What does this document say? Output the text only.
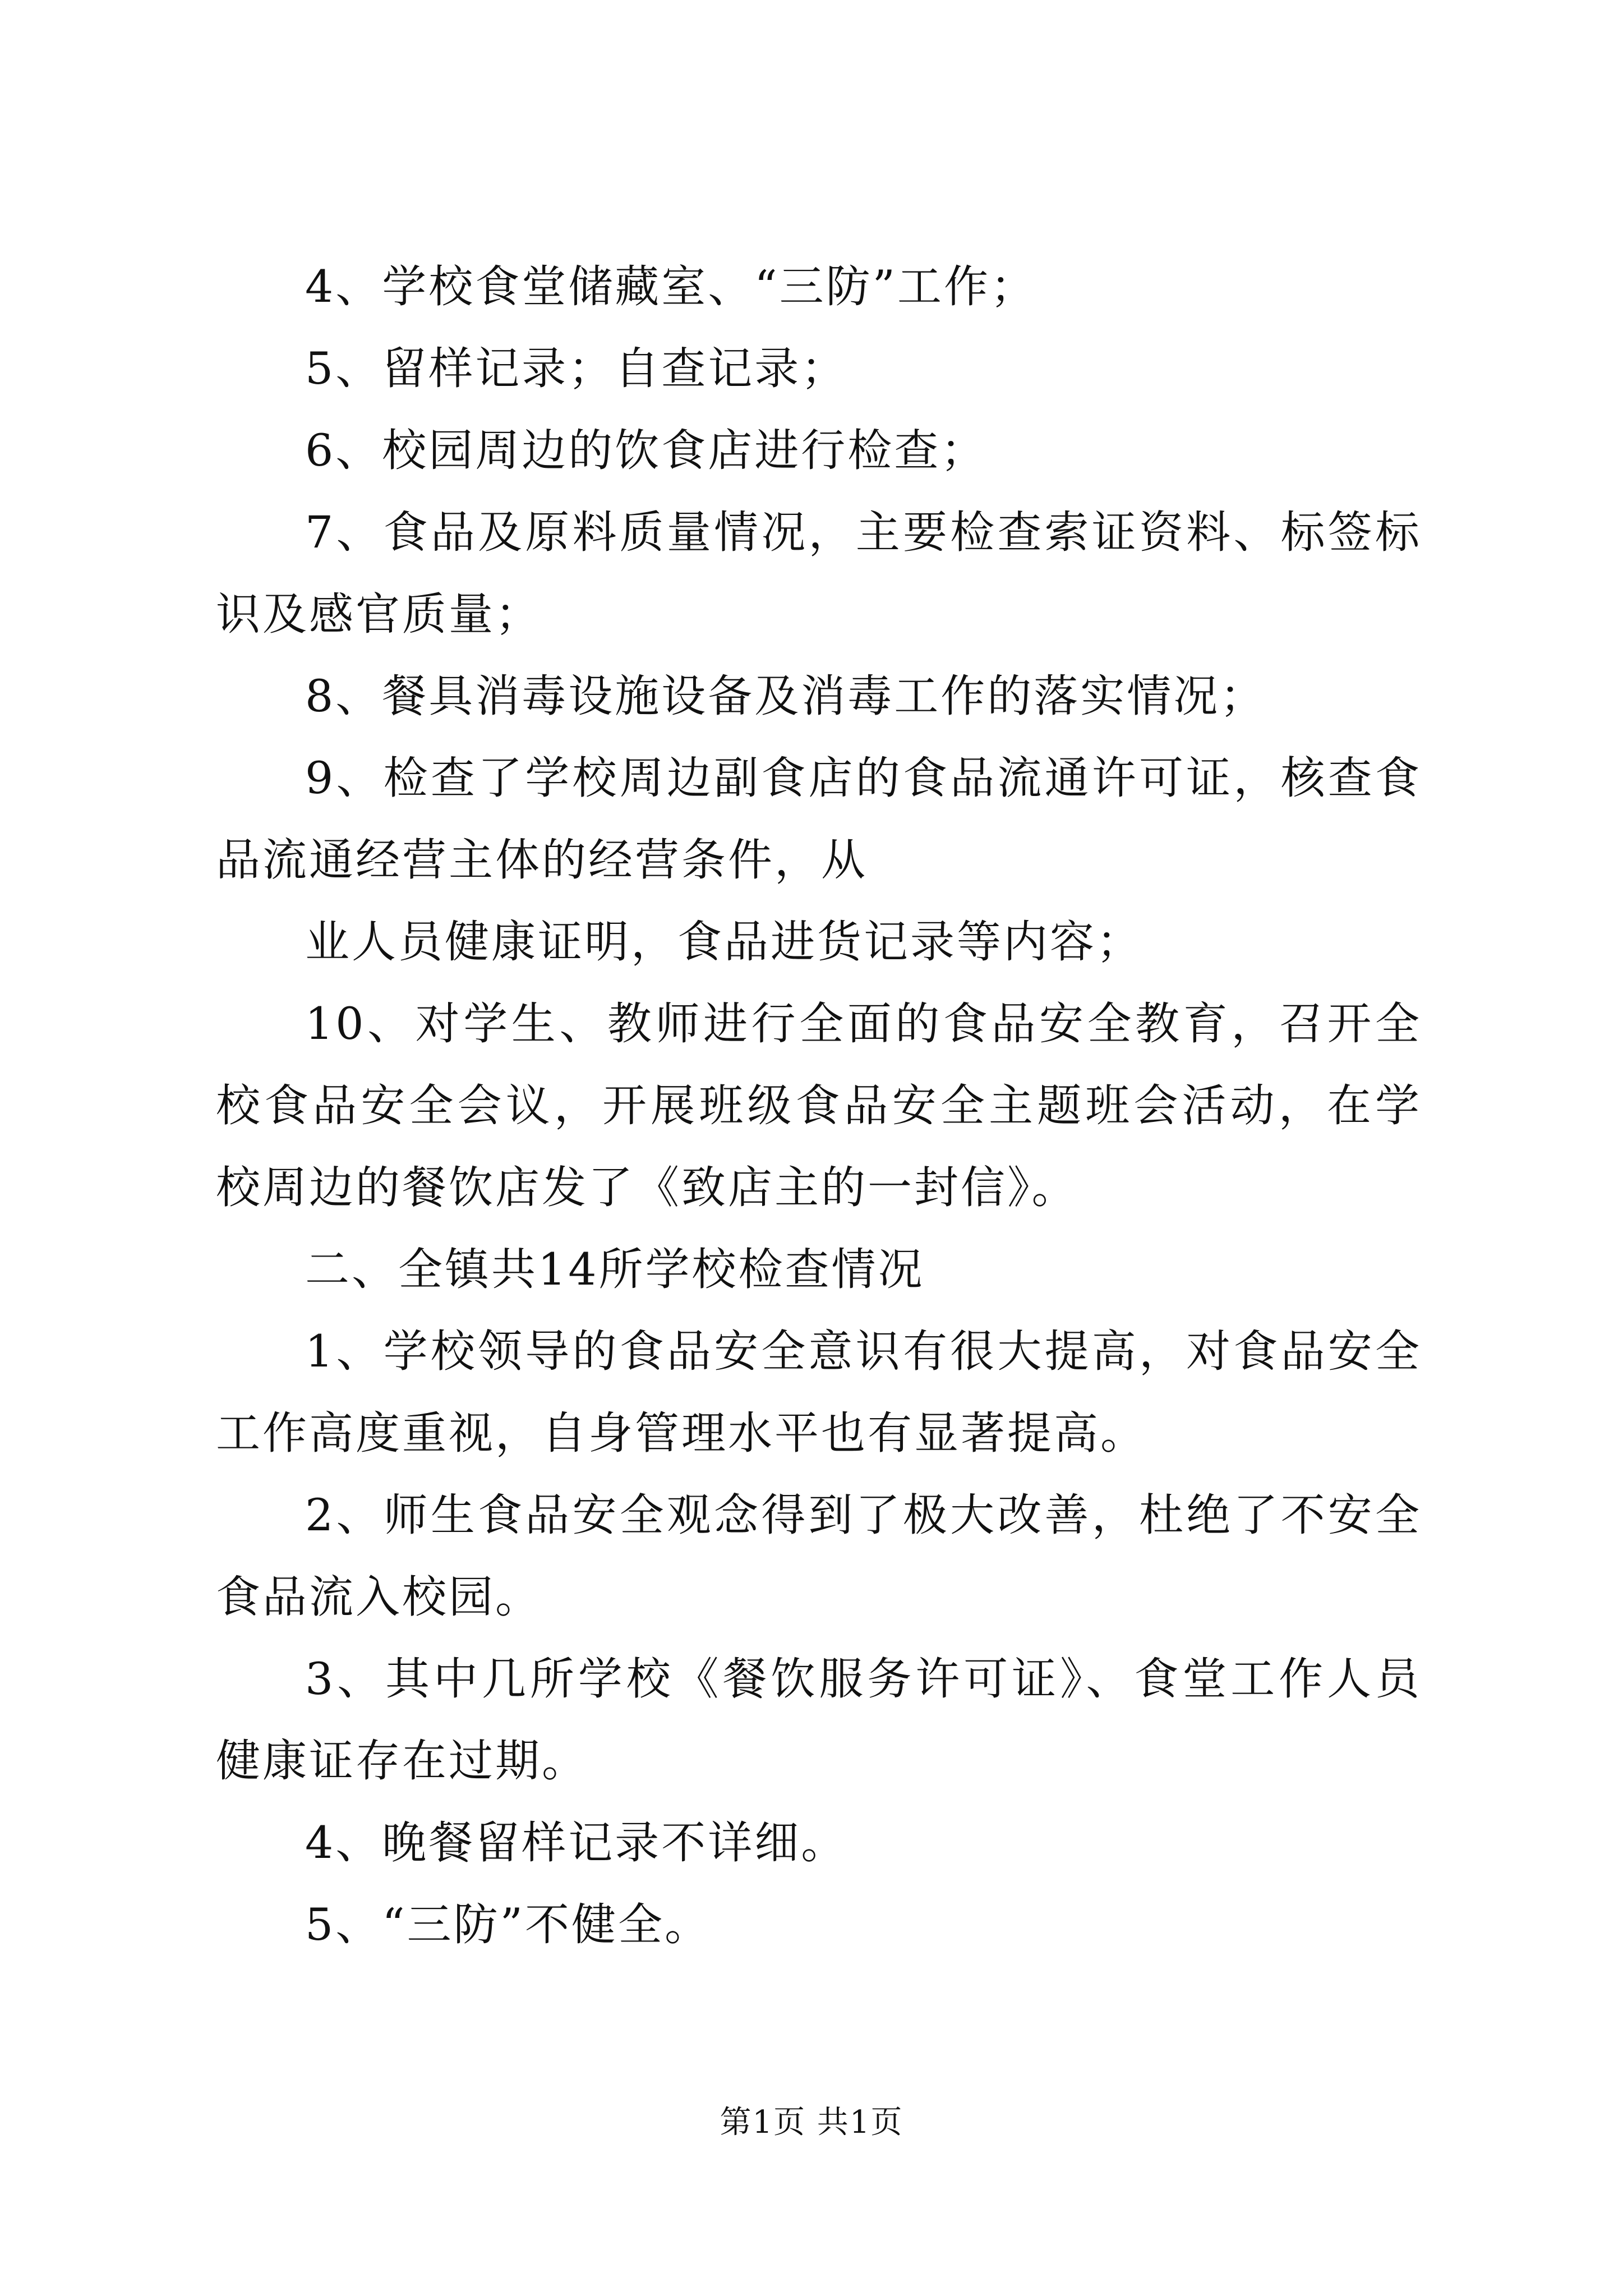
4、学校食堂储藏室、“三防”工作；

5、留样记录；自查记录；

6、校园周边的饮食店进行检查；

7、食品及原料质量情况，主要检查索证资料、标签标识及感官质量；

8、餐具消毒设施设备及消毒工作的落实情况；

9、检查了学校周边副食店的食品流通许可证，核查食品流通经营主体的经营条件，从

业人员健康证明，食品进货记录等内容；

10、对学生、教师进行全面的食品安全教育，召开全校食品安全会议，开展班级食品安全主题班会活动，在学校周边的餐饮店发了《致店主的一封信》。

二、全镇共14所学校检查情况

1、学校领导的食品安全意识有很大提高，对食品安全工作高度重视，自身管理水平也有显著提高。

2、师生食品安全观念得到了极大改善，杜绝了不安全食品流入校园。

3、其中几所学校《餐饮服务许可证》、食堂工作人员健康证存在过期。

4、晚餐留样记录不详细。

5、“三防”不健全。

第1页 共1页
